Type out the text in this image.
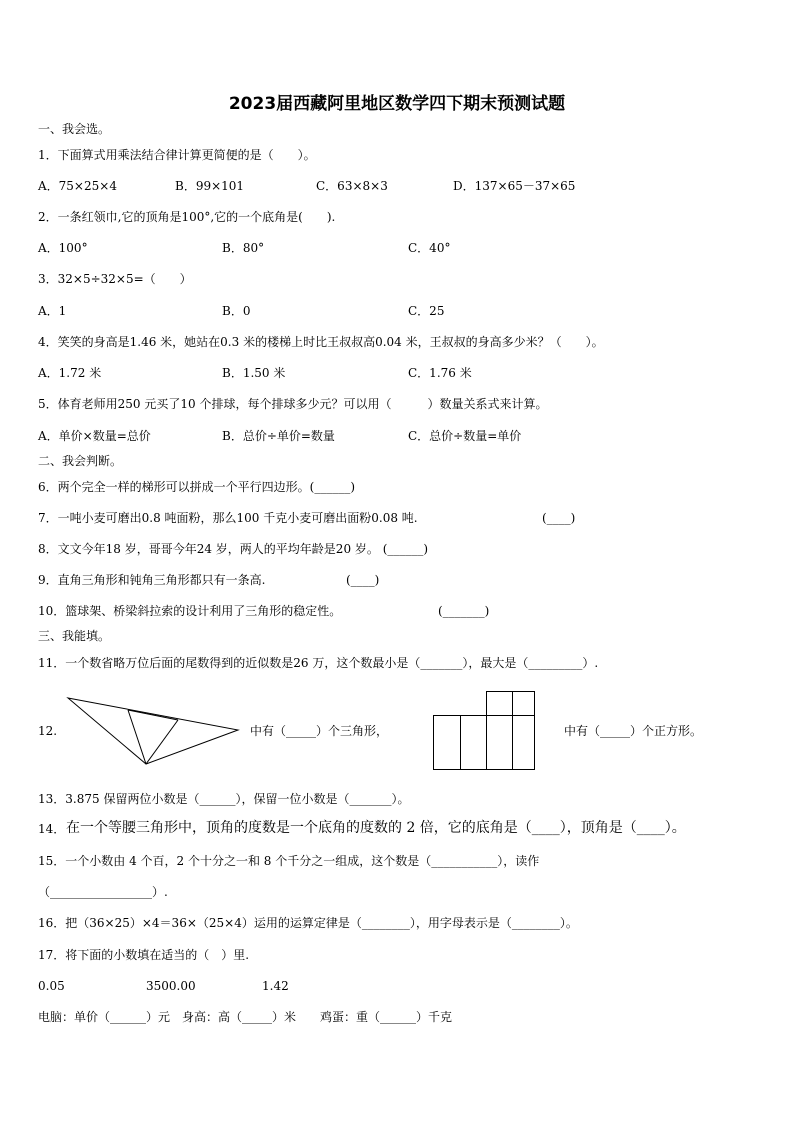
2023届西藏阿里地区数学四下期末预测试题
一、我会选。
1．下面算式用乘法结合律计算更简便的是（　　）。
A．75×25×4	B．99×101	C．63×8×3	D．137×65－37×65
2．一条红领巾,它的顶角是100°,它的一个底角是(　　).
A．100°	B．80°	C．40°
3．32×5÷32×5=（　　）
A．1	B．0	C．25
4．笑笑的身高是1.46 米，她站在0.3 米的楼梯上时比王叔叔高0.04 米，王叔叔的身高多少米？（　　）。
A．1.72 米	B．1.50 米	C．1.76 米
5．体育老师用250 元买了10 个排球，每个排球多少元？可以用（　　　）数量关系式来计算。
A．单价×数量=总价	B．总价÷单价=数量	C．总价÷数量=单价
二、我会判断。
6．两个完全一样的梯形可以拼成一个平行四边形。(______)
7．一吨小麦可磨出0.8 吨面粉，那么100 千克小麦可磨出面粉0.08 吨.	(____)
8．文文今年18 岁，哥哥今年24 岁，两人的平均年龄是20 岁。 (______)
9．直角三角形和钝角三角形都只有一条高.	(____)
10．篮球架、桥梁斜拉索的设计利用了三角形的稳定性。	(_______)
三、我能填。
11．一个数省略万位后面的尾数得到的近似数是26 万，这个数最小是（_______），最大是（_________）.
12.	中有（_____）个三角形，	中有（_____）个正方形。
13．3.875 保留两位小数是（______），保留一位小数是（_______）。
14． 在一个等腰三角形中，顶角的度数是一个底角的度数的 2 倍，它的底角是（____），顶角是（____）。
15．一个小数由 4 个百，2 个十分之一和 8 个千分之一组成，这个数是（___________），读作
（_________________）.
16．把（36×25）×4＝36×（25×4）运用的运算定律是（________），用字母表示是（________）。
17．将下面的小数填在适当的（　）里.
0.05	3500.00	1.42
电脑：单价（______）元　身高：高（_____）米　　鸡蛋：重（______）千克
